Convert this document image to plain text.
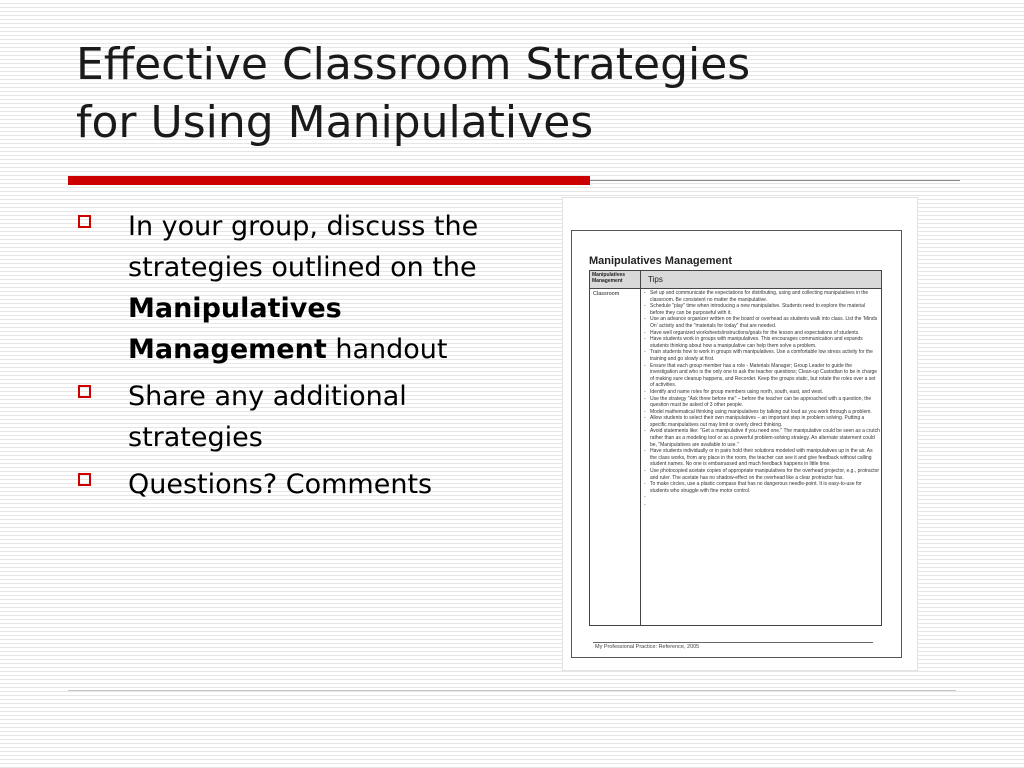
Effective Classroom Strategies
for Using Manipulatives
In your group, discuss the strategies outlined on the Manipulatives Management handout
Share any additional strategies
Questions? Comments

Manipulatives Management

Manipulatives Management	Tips
Classroom
-	Set up and communicate the expectations for distributing, using and collecting manipulatives in the classroom. Be consistent no matter the manipulative.
- Schedule "play" time when introducing a new manipulative. Students need to explore the material before they can be purposeful with it.
- Use an advance organizer written on the board or overhead as students walk into class. List the 'Minds On' activity and the "materials for today" that are needed.
- Have well organized worksheets/instructions/goals for the lesson and expectations of students.
- Have students work in groups with manipulatives. This encourages communication and expands students thinking about how a manipulative can help them solve a problem.
- Train students how to work in groups with manipulatives. Use a comfortable low stress activity for the training and go slowly at first.
- Ensure that each group member has a role - Materials Manager; Group Leader to guide the investigation and who is the only one to ask the teacher questions; Clean-up Custodian to be in charge of making sure cleanup happens, and Recorder. Keep the groups static, but rotate the roles over a set of activities.
- Identify and name roles for group members using north, south, east, and west.
- Use the strategy "Ask three before me" – before the teacher can be approached with a question, the question must be asked of 3 other people.
- Model mathematical thinking using manipulatives by talking out loud as you work through a problem.
- Allow students to select their own manipulatives – an important step in problem solving. Putting a specific manipulatives out may limit or overly direct thinking.
- Avoid statements like: "Get a manipulative if you need one." The manipulative could be seen as a crutch rather than as a modeling tool or as a powerful problem-solving strategy. An alternate statement could be, "Manipulatives are available to use."
- Have students individually or in pairs hold their solutions modeled with manipulatives up in the air. As the class works, from any place in the room, the teacher can see it and give feedback without calling student names. No one is embarrassed and much feedback happens in little time.
- Use photocopied acetate copies of appropriate manipulatives for the overhead projector, e.g., protractor and ruler. The acetate has no shadow-effect on the overhead like a clear protractor has.
- To make circles, use a plastic compass that has no dangerous needle-point. It is easy-to-use for students who struggle with fine motor control.
-
-
My Professional Practice: Reference, 2005
